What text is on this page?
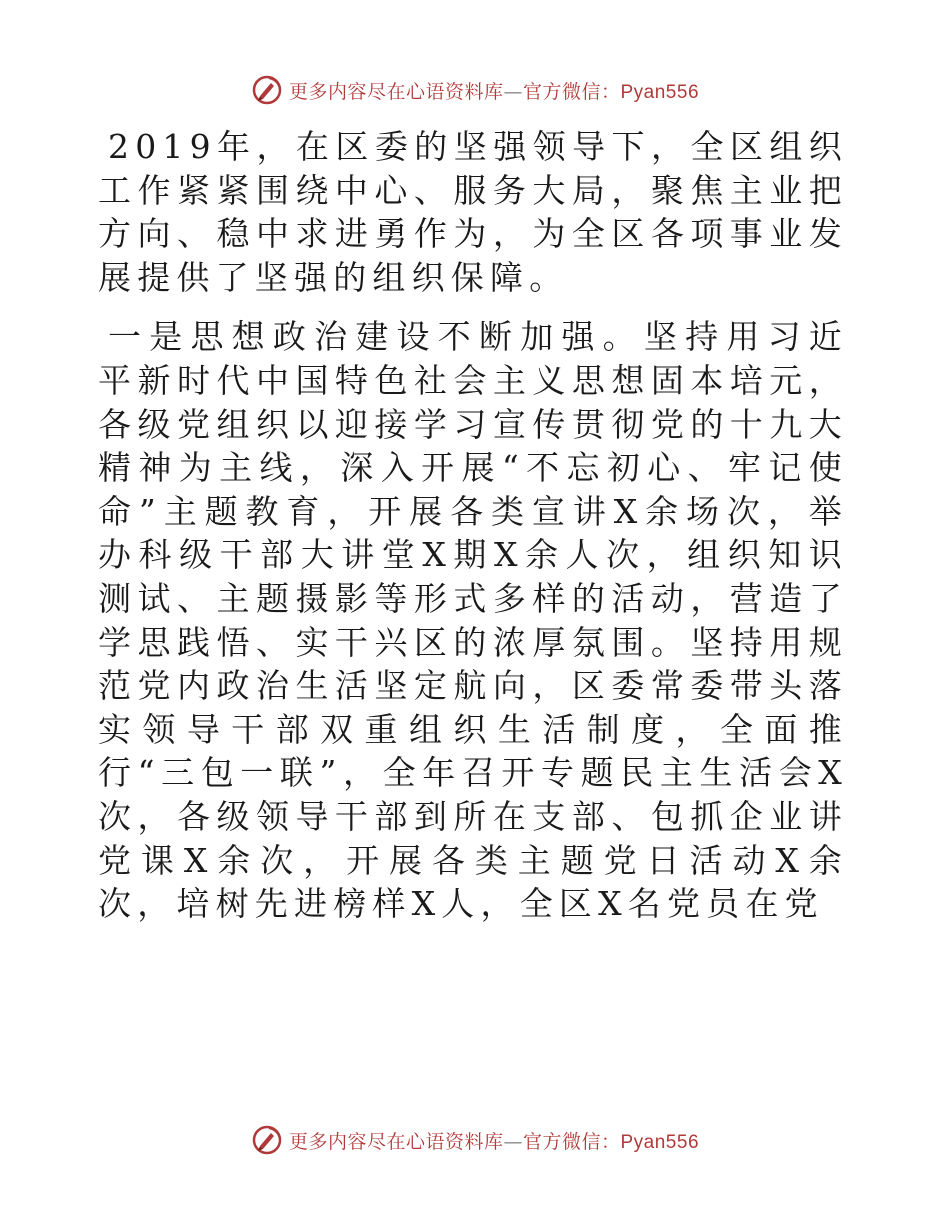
更多内容尽在心语资料库—官方微信：Pyan556

2019年，在区委的坚强领导下，全区组织工作紧紧围绕中心、服务大局，聚焦主业把方向、稳中求进勇作为，为全区各项事业发展提供了坚强的组织保障。

一是思想政治建设不断加强。坚持用习近平新时代中国特色社会主义思想固本培元，各级党组织以迎接学习宣传贯彻党的十九大精神为主线，深入开展“不忘初心、牢记使命”主题教育，开展各类宣讲X余场次，举办科级干部大讲堂X期X余人次，组织知识测试、主题摄影等形式多样的活动，营造了学思践悟、实干兴区的浓厚氛围。坚持用规范党内政治生活坚定航向，区委常委带头落实领导干部双重组织生活制度，全面推行“三包一联”，全年召开专题民主生活会X次，各级领导干部到所在支部、包抓企业讲党课X余次，开展各类主题党日活动X余次，培树先进榜样X人，全区X名党员在党

更多内容尽在心语资料库—官方微信：Pyan556
